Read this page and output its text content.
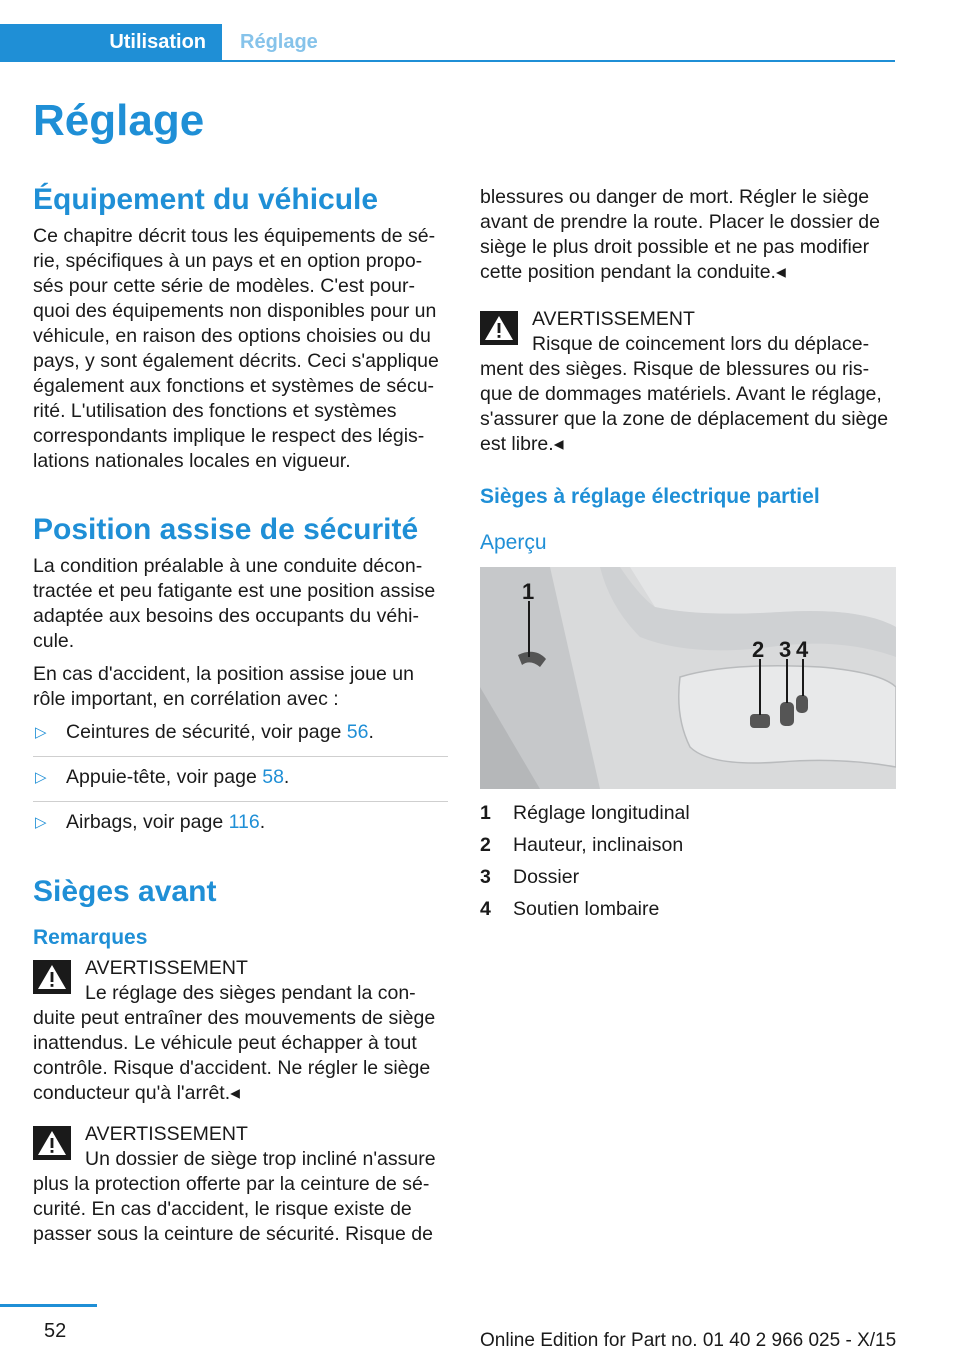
Utilisation Réglage
Réglage
Équipement du véhicule

Ce chapitre décrit tous les équipements de sé‐ rie, spécifiques à un pays et en option propo‐ sés pour cette série de modèles. C'est pour‐ quoi des équipements non disponibles pour un véhicule, en raison des options choisies ou du pays, y sont également décrits. Ceci s'applique également aux fonctions et systèmes de sécu‐ rité. L'utilisation des fonctions et systèmes correspondants implique le respect des légis‐ lations nationales locales en vigueur.

Position assise de sécurité

La condition préalable à une conduite décon‐ tractée et peu fatigante est une position assise adaptée aux besoins des occupants du véhi‐ cule.

En cas d'accident, la position assise joue un rôle important, en corrélation avec :

▷ Ceintures de sécurité, voir page 56.
▷ Appuie-tête, voir page 58.
▷ Airbags, voir page 116.
Sièges avant
Remarques
AVERTISSEMENT
Le réglage des sièges pendant la con‐ duite peut entraîner des mouvements de siège inattendus. Le véhicule peut échapper à tout contrôle. Risque d'accident. Ne régler le siège conducteur qu'à l'arrêt.◂
AVERTISSEMENT
Un dossier de siège trop incliné n'assure plus la protection offerte par la ceinture de sé‐ curité. En cas d'accident, le risque existe de passer sous la ceinture de sécurité. Risque de

blessures ou danger de mort. Régler le siège avant de prendre la route. Placer le dossier de siège le plus droit possible et ne pas modifier cette position pendant la conduite.◂

AVERTISSEMENT
Risque de coincement lors du déplace‐ ment des sièges. Risque de blessures ou ris‐ que de dommages matériels. Avant le réglage, s'assurer que la zone de déplacement du siège est libre.◂
Sièges à réglage électrique partiel
Aperçu
1
2 3 4
1	Réglage longitudinal
2	Hauteur, inclinaison
3	Dossier
4	Soutien lombaire
52	Online Edition for Part no. 01 40 2 966 025 - X/15
